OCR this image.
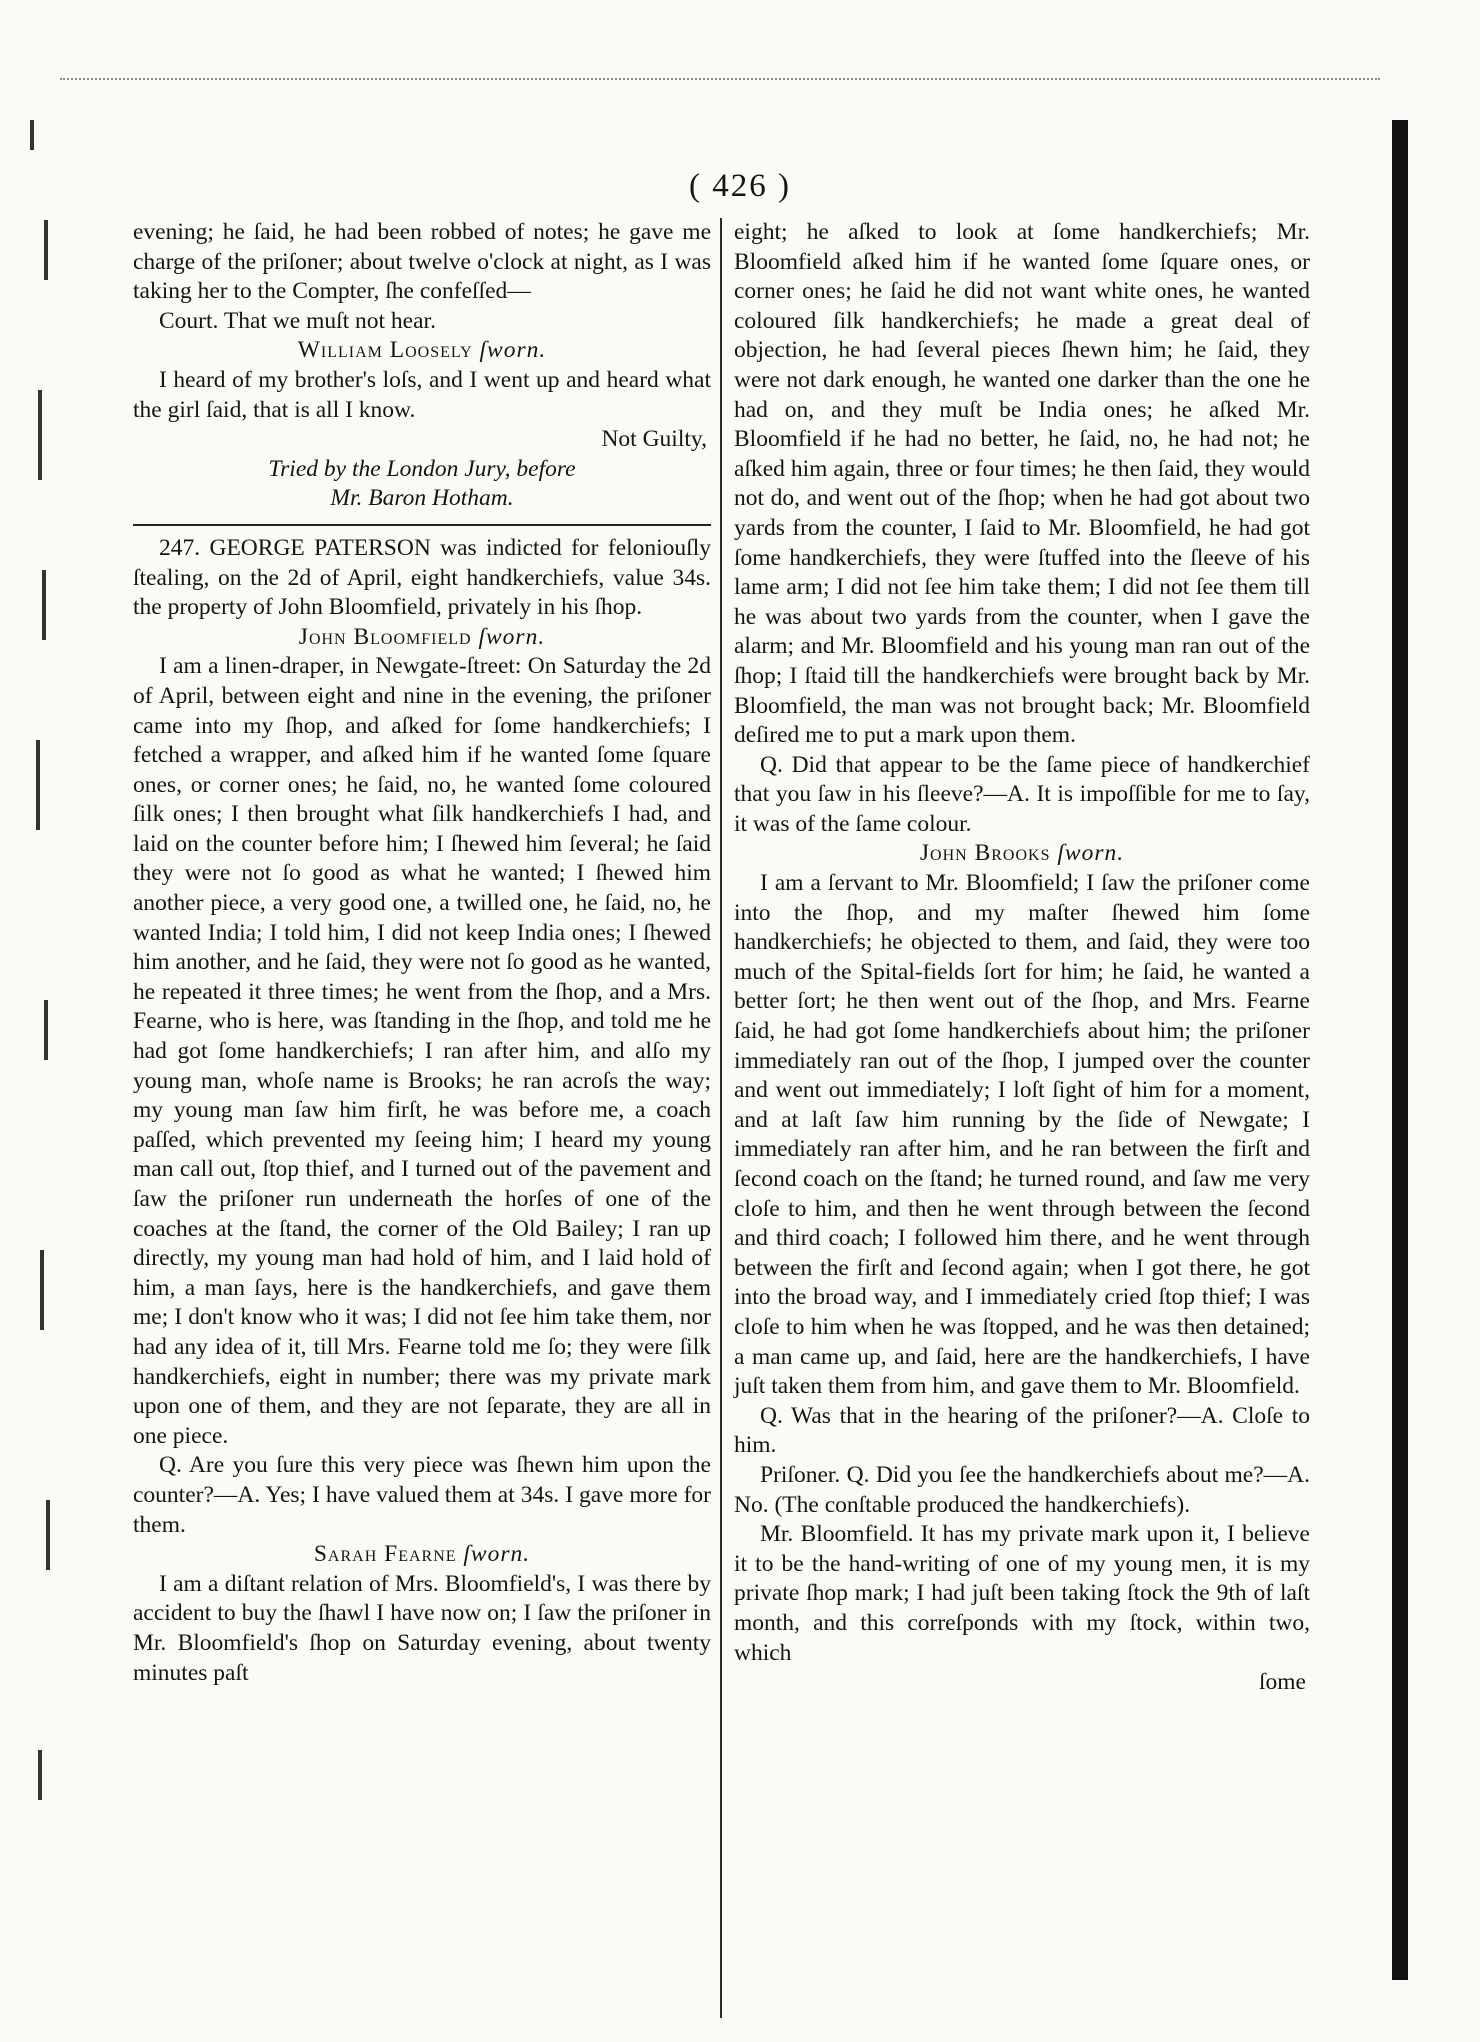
( 426 )

evening; he ſaid, he had been robbed of notes; he gave me charge of the priſoner; about twelve o'clock at night, as I was taking her to the Compter, ſhe confeſſed—

Court. That we muſt not hear.

William Loosely ſworn.

I heard of my brother's loſs, and I went up and heard what the girl ſaid, that is all I know.

Not Guilty,

Tried by the London Jury, before

Mr. Baron Hotham.

247. GEORGE PATERSON was indicted for feloniouſly ſtealing, on the 2d of April, eight handkerchiefs, value 34s. the property of John Bloomfield, privately in his ſhop.

John Bloomfield ſworn.

I am a linen-draper, in Newgate-ſtreet: On Saturday the 2d of April, between eight and nine in the evening, the priſoner came into my ſhop, and aſked for ſome handkerchiefs; I fetched a wrapper, and aſked him if he wanted ſome ſquare ones, or corner ones; he ſaid, no, he wanted ſome coloured ſilk ones; I then brought what ſilk handkerchiefs I had, and laid on the counter before him; I ſhewed him ſeveral; he ſaid they were not ſo good as what he wanted; I ſhewed him another piece, a very good one, a twilled one, he ſaid, no, he wanted India; I told him, I did not keep India ones; I ſhewed him another, and he ſaid, they were not ſo good as he wanted, he repeated it three times; he went from the ſhop, and a Mrs. Fearne, who is here, was ſtanding in the ſhop, and told me he had got ſome handkerchiefs; I ran after him, and alſo my young man, whoſe name is Brooks; he ran acroſs the way; my young man ſaw him firſt, he was before me, a coach paſſed, which prevented my ſeeing him; I heard my young man call out, ſtop thief, and I turned out of the pavement and ſaw the priſoner run underneath the horſes of one of the coaches at the ſtand, the corner of the Old Bailey; I ran up directly, my young man had hold of him, and I laid hold of him, a man ſays, here is the handkerchiefs, and gave them me; I don't know who it was; I did not ſee him take them, nor had any idea of it, till Mrs. Fearne told me ſo; they were ſilk handkerchiefs, eight in number; there was my private mark upon one of them, and they are not ſeparate, they are all in one piece.

Q. Are you ſure this very piece was ſhewn him upon the counter?—A. Yes; I have valued them at 34s. I gave more for them.

Sarah Fearne ſworn.

I am a diſtant relation of Mrs. Bloomfield's, I was there by accident to buy the ſhawl I have now on; I ſaw the priſoner in Mr. Bloomfield's ſhop on Saturday evening, about twenty minutes paſt

eight; he aſked to look at ſome handkerchiefs; Mr. Bloomfield aſked him if he wanted ſome ſquare ones, or corner ones; he ſaid he did not want white ones, he wanted coloured ſilk handkerchiefs; he made a great deal of objection, he had ſeveral pieces ſhewn him; he ſaid, they were not dark enough, he wanted one darker than the one he had on, and they muſt be India ones; he aſked Mr. Bloomfield if he had no better, he ſaid, no, he had not; he aſked him again, three or four times; he then ſaid, they would not do, and went out of the ſhop; when he had got about two yards from the counter, I ſaid to Mr. Bloomfield, he had got ſome handkerchiefs, they were ſtuffed into the ſleeve of his lame arm; I did not ſee him take them; I did not ſee them till he was about two yards from the counter, when I gave the alarm; and Mr. Bloomfield and his young man ran out of the ſhop; I ſtaid till the handkerchiefs were brought back by Mr. Bloomfield, the man was not brought back; Mr. Bloomfield deſired me to put a mark upon them.

Q. Did that appear to be the ſame piece of handkerchief that you ſaw in his ſleeve?—A. It is impoſſible for me to ſay, it was of the ſame colour.

John Brooks ſworn.

I am a ſervant to Mr. Bloomfield; I ſaw the priſoner come into the ſhop, and my maſter ſhewed him ſome handkerchiefs; he objected to them, and ſaid, they were too much of the Spital-fields ſort for him; he ſaid, he wanted a better ſort; he then went out of the ſhop, and Mrs. Fearne ſaid, he had got ſome handkerchiefs about him; the priſoner immediately ran out of the ſhop, I jumped over the counter and went out immediately; I loſt ſight of him for a moment, and at laſt ſaw him running by the ſide of Newgate; I immediately ran after him, and he ran between the firſt and ſecond coach on the ſtand; he turned round, and ſaw me very cloſe to him, and then he went through between the ſecond and third coach; I followed him there, and he went through between the firſt and ſecond again; when I got there, he got into the broad way, and I immediately cried ſtop thief; I was cloſe to him when he was ſtopped, and he was then detained; a man came up, and ſaid, here are the handkerchiefs, I have juſt taken them from him, and gave them to Mr. Bloomfield.

Q. Was that in the hearing of the priſoner?—A. Cloſe to him.

Priſoner. Q. Did you ſee the handkerchiefs about me?—A. No. (The conſtable produced the handkerchiefs).

Mr. Bloomfield. It has my private mark upon it, I believe it to be the hand-writing of one of my young men, it is my private ſhop mark; I had juſt been taking ſtock the 9th of laſt month, and this correſponds with my ſtock, within two, which

ſome
